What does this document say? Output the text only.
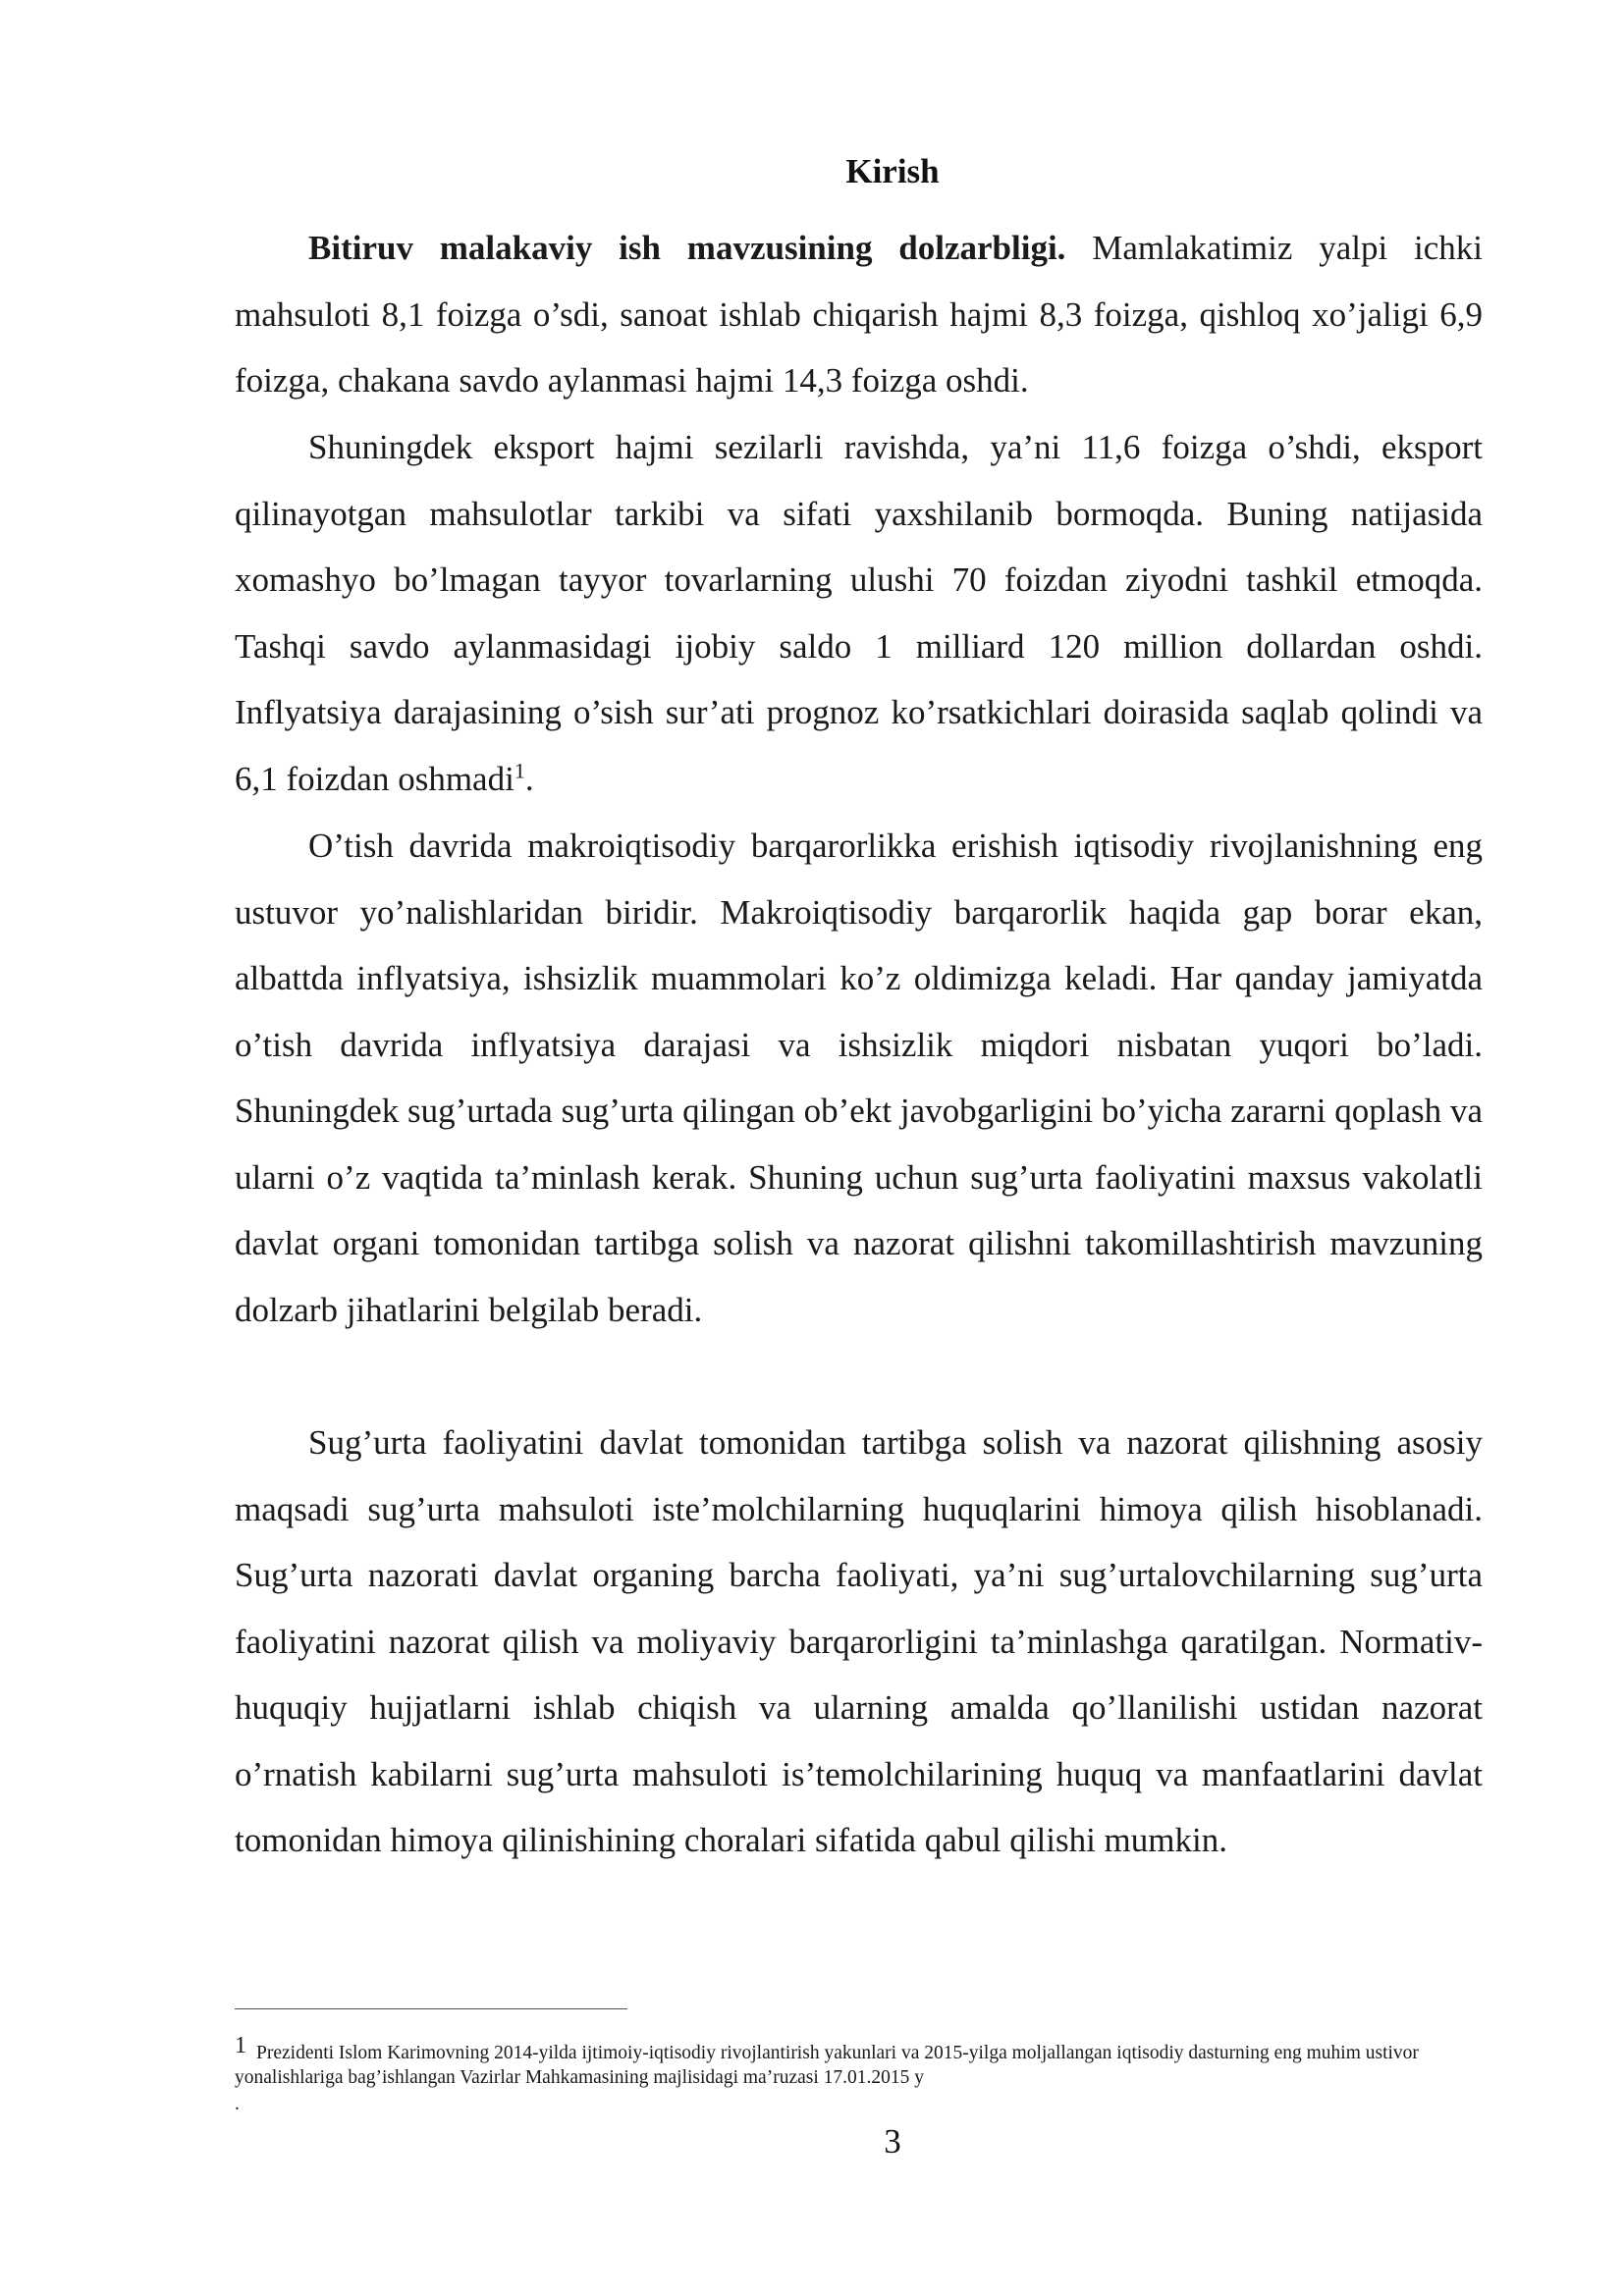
Kirish

Bitiruv malakaviy ish mavzusining dolzarbligi. Mamlakatimiz yalpi ichki mahsuloti 8,1 foizga o’sdi, sanoat ishlab chiqarish hajmi 8,3 foizga, qishloq xo’jaligi 6,9 foizga, chakana savdo aylanmasi hajmi 14,3 foizga oshdi.

Shuningdek eksport hajmi sezilarli ravishda, ya’ni 11,6 foizga o’shdi, eksport qilinayotgan mahsulotlar tarkibi va sifati yaxshilanib bormoqda. Buning natijasida xomashyo bo’lmagan tayyor tovarlarning ulushi 70 foizdan ziyodni tashkil etmoqda. Tashqi savdo aylanmasidagi ijobiy saldo 1 milliard 120 million dollardan oshdi. Inflyatsiya darajasining o’sish sur’ati prognoz ko’rsatkichlari doirasida saqlab qolindi va 6,1 foizdan oshmadi$^1$.

O’tish davrida makroiqtisodiy barqarorlikka erishish iqtisodiy rivojlanishning eng ustuvor yo’nalishlaridan biridir. Makroiqtisodiy barqarorlik haqida gap borar ekan, albattda inflyatsiya, ishsizlik muammolari ko’z oldimizga keladi. Har qanday jamiyatda o’tish davrida inflyatsiya darajasi va ishsizlik miqdori nisbatan yuqori bo’ladi. Shuningdek sug’urtada sug’urta qilingan ob’ekt javobgarligini bo’yicha zararni qoplash va ularni o’z vaqtida ta’minlash kerak. Shuning uchun sug’urta faoliyatini maxsus vakolatli davlat organi tomonidan tartibga solish va nazorat qilishni takomillashtirish mavzuning dolzarb jihatlarini belgilab beradi.

Sug’urta faoliyatini davlat tomonidan tartibga solish va nazorat qilishning asosiy maqsadi sug’urta mahsuloti iste’molchilarning huquqlarini himoya qilish hisoblanadi. Sug’urta nazorati davlat organing barcha faoliyati, ya’ni sug’urtalovchilarning sug’urta faoliyatini nazorat qilish va moliyaviy barqarorligini ta’minlashga qaratilgan. Normativ- huquqiy hujjatlarni ishlab chiqish va ularning amalda qo’llanilishi ustidan nazorat o’rnatish kabilarni sug’urta mahsuloti is’temolchilarining huquq va manfaatlarini davlat tomonidan himoya qilinishining choralari sifatida qabul qilishi mumkin.

1 Prezidenti Islom Karimovning 2014-yilda ijtimoiy-iqtisodiy rivojlantirish yakunlari va 2015-yilga moljallangan iqtisodiy dasturning eng muhim ustivor yonalishlariga bag’ishlangan Vazirlar Mahkamasining majlisidagi ma’ruzasi 17.01.2015 y
.
3
